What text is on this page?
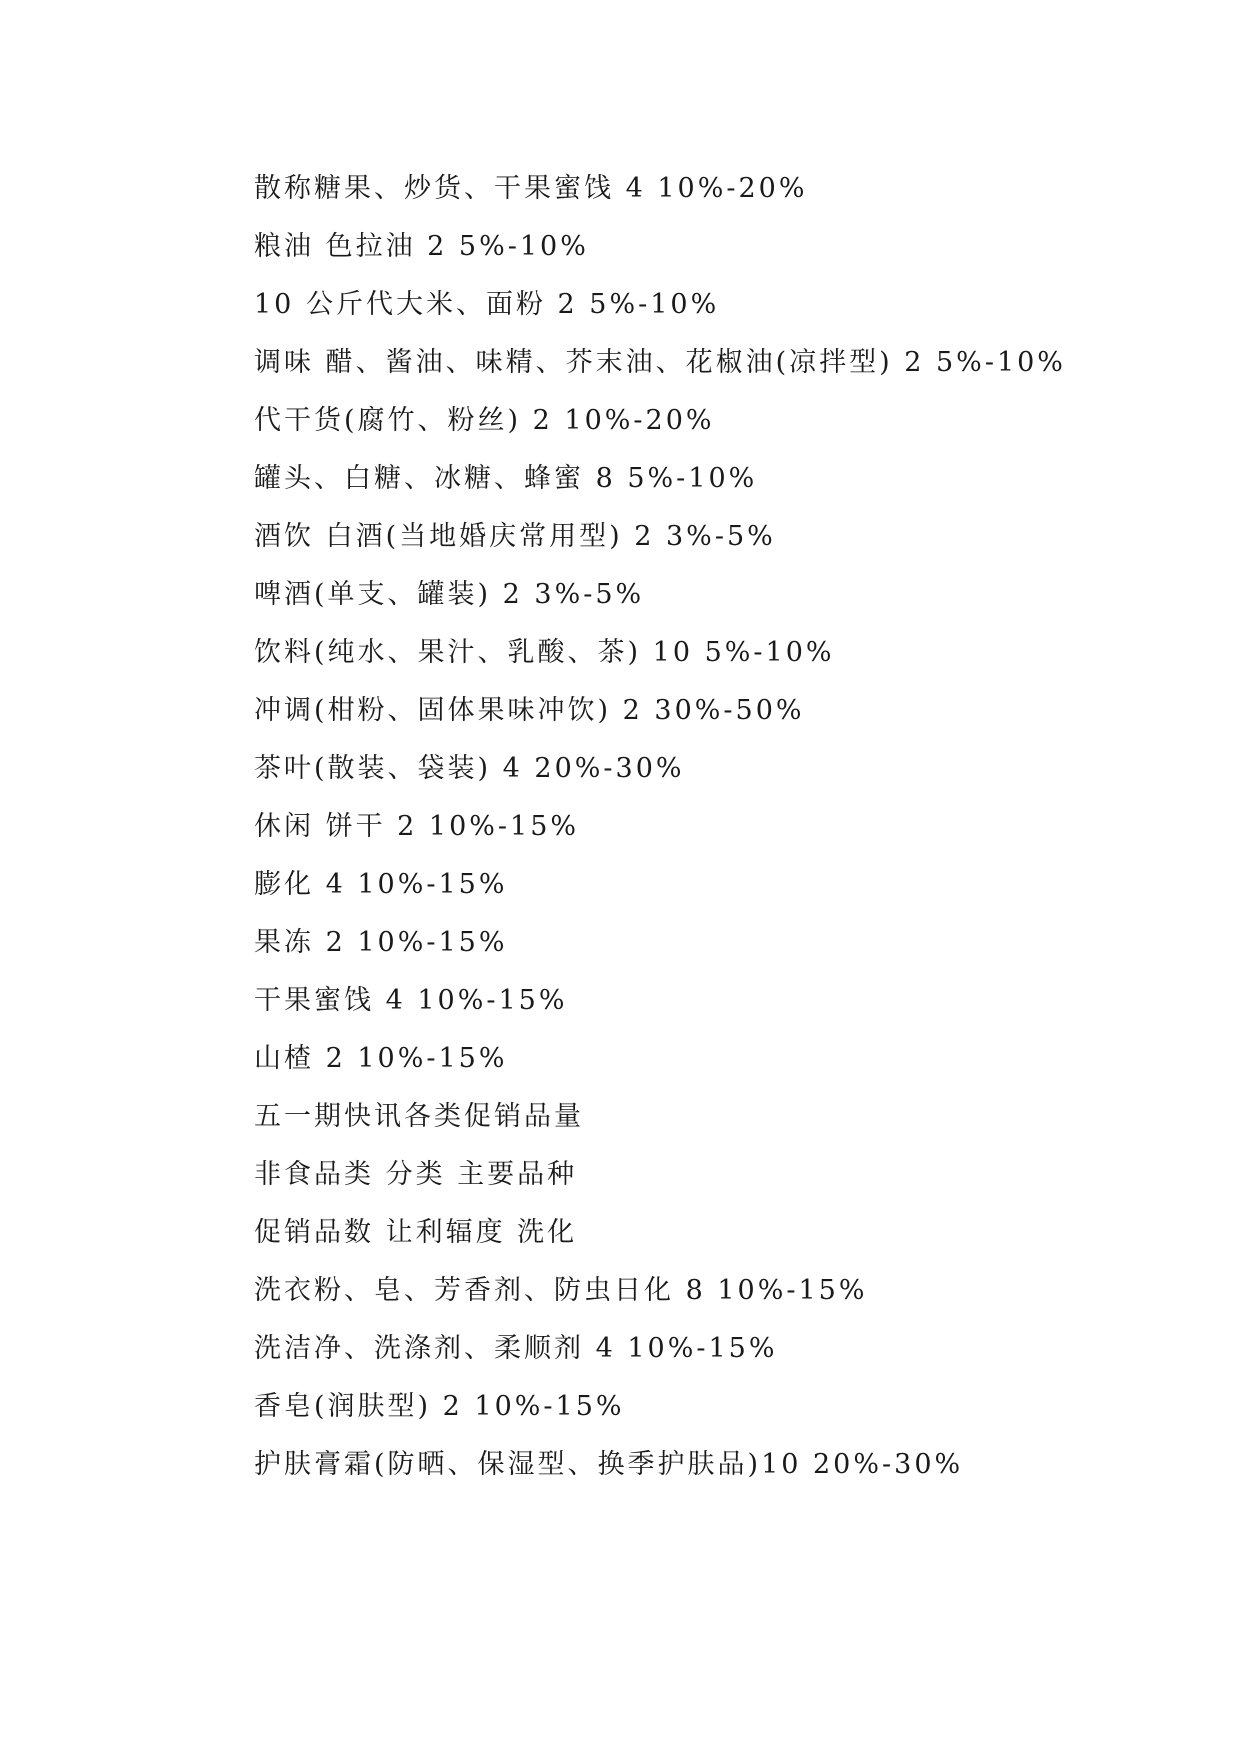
散称糖果、炒货、干果蜜饯 4 10%-20%
粮油 色拉油 2 5%-10%
10 公斤代大米、面粉 2 5%-10%
调味 醋、酱油、味精、芥末油、花椒油(凉拌型) 2 5%-10%
代干货(腐竹、粉丝) 2 10%-20%
罐头、白糖、冰糖、蜂蜜 8 5%-10%
酒饮 白酒(当地婚庆常用型) 2 3%-5%
啤酒(单支、罐装) 2 3%-5%
饮料(纯水、果汁、乳酸、茶) 10 5%-10%
冲调(柑粉、固体果味冲饮) 2 30%-50%
茶叶(散装、袋装) 4 20%-30%
休闲 饼干 2 10%-15%
膨化 4 10%-15%
果冻 2 10%-15%
干果蜜饯 4 10%-15%
山楂 2 10%-15%
五一期快讯各类促销品量
非食品类 分类 主要品种
促销品数 让利辐度 洗化
洗衣粉、皂、芳香剂、防虫日化 8 10%-15%
洗洁净、洗涤剂、柔顺剂 4 10%-15%
香皂(润肤型) 2 10%-15%
护肤膏霜(防晒、保湿型、换季护肤品)10 20%-30%
